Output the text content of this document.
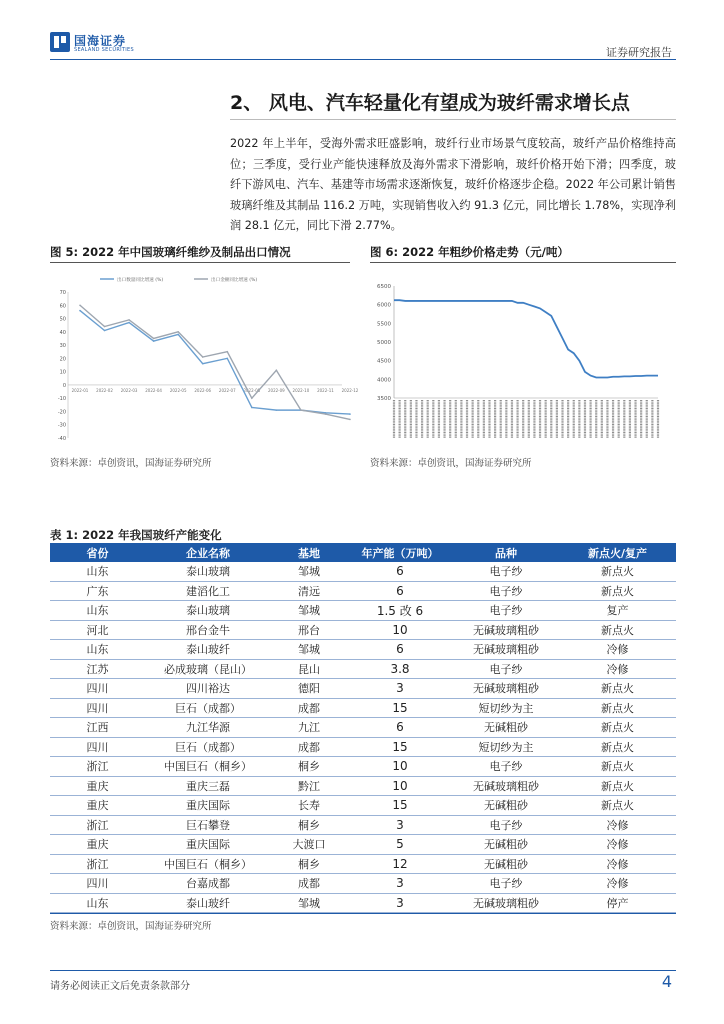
国海证券
SEALAND SECURITIES	证券研究报告
2、 风电、汽车轻量化有望成为玻纤需求增长点
2022 年上半年，受海外需求旺盛影响，玻纤行业市场景气度较高，玻纤产品价格维持高位；三季度，受行业产能快速释放及海外需求下滑影响，玻纤价格开始下滑；四季度，玻纤下游风电、汽车、基建等市场需求逐渐恢复，玻纤价格逐步企稳。2022 年公司累计销售玻璃纤维及其制品 116.2 万吨，实现销售收入约 91.3 亿元，同比增长 1.78%，实现净利润 28.1 亿元，同比下滑 2.77%。
图 5: 2022 年中国玻璃纤维纱及制品出口情况
出口数量同比增速 (%)	出口金额同比增速 (%)
70
60
50
40
30
20
10
0
-10
-20
-30
-40
2022-01 2022-02 2022-03 2022-04 2022-05 2022-06 2022-07 2022-08 2022-09 2022-10 2022-11 2022-12
资料来源：卓创资讯，国海证券研究所
图 6: 2022 年粗纱价格走势（元/吨）
6500
6000
5500
5000
4500
4000
3500
资料来源：卓创资讯，国海证券研究所
表 1: 2022 年我国玻纤产能变化
省份	企业名称	基地	年产能（万吨）	品种	新点火/复产
山东	泰山玻璃	邹城	6	电子纱	新点火
广东	建滔化工	清远	6	电子纱	新点火
山东	泰山玻璃	邹城	1.5 改 6	电子纱	复产
河北	邢台金牛	邢台	10	无碱玻璃粗砂	新点火
山东	泰山玻纤	邹城	6	无碱玻璃粗砂	冷修
江苏	必成玻璃（昆山）	昆山	3.8	电子纱	冷修
四川	四川裕达	德阳	3	无碱玻璃粗砂	新点火
四川	巨石（成都）	成都	15	短切纱为主	新点火
江西	九江华源	九江	6	无碱粗砂	新点火
四川	巨石（成都）	成都	15	短切纱为主	新点火
浙江	中国巨石（桐乡）	桐乡	10	电子纱	新点火
重庆	重庆三磊	黔江	10	无碱玻璃粗砂	新点火
重庆	重庆国际	长寿	15	无碱粗砂	新点火
浙江	巨石攀登	桐乡	3	电子纱	冷修
重庆	重庆国际	大渡口	5	无碱粗砂	冷修
浙江	中国巨石（桐乡）	桐乡	12	无碱粗砂	冷修
四川	台嘉成都	成都	3	电子纱	冷修
山东	泰山玻纤	邹城	3	无碱玻璃粗砂	停产
资料来源：卓创资讯，国海证券研究所
请务必阅读正文后免责条款部分	4
